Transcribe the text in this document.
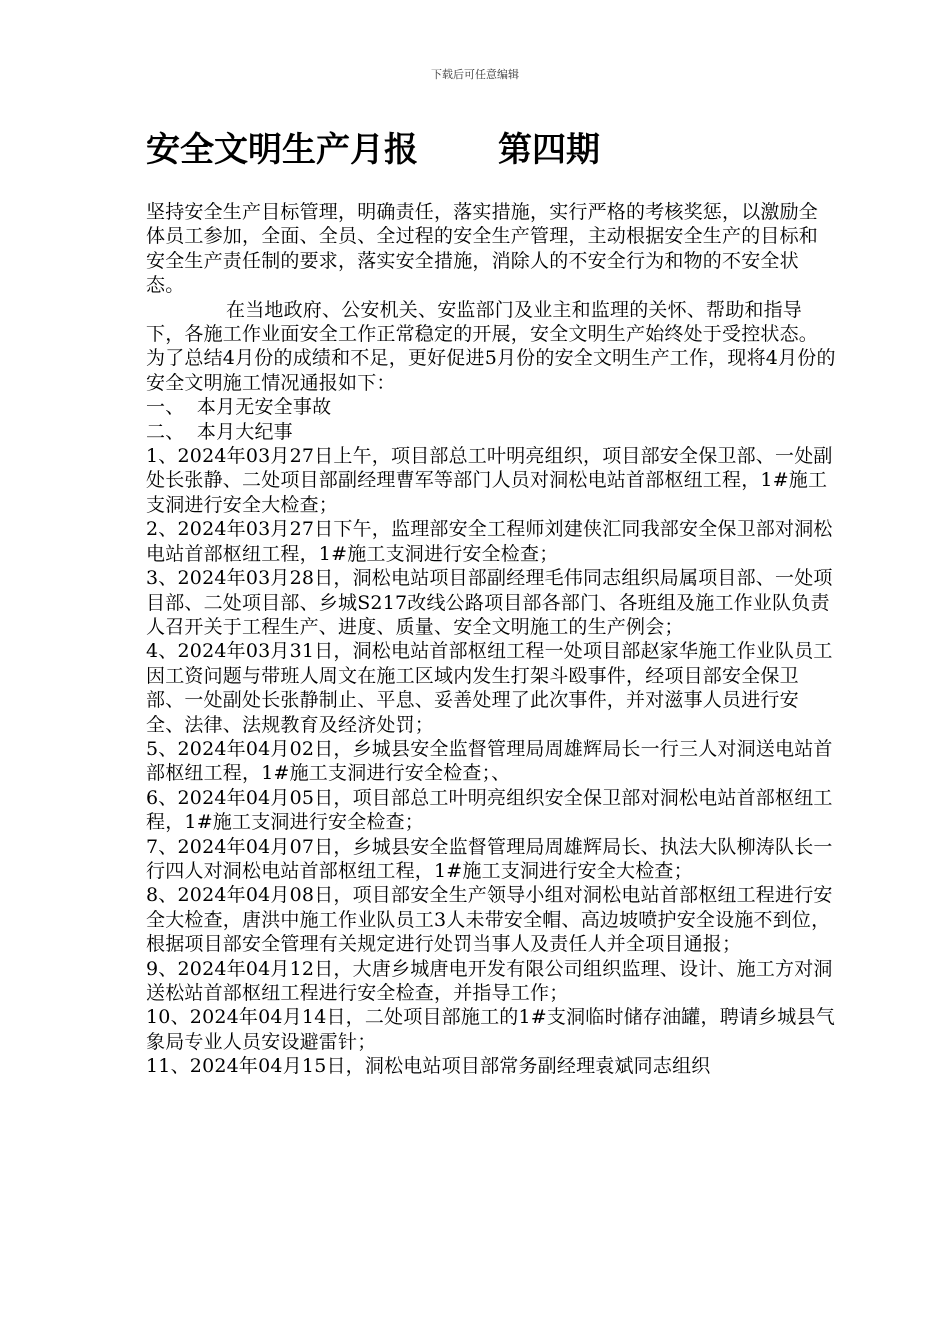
下载后可任意编辑
安全文明生产月报 第四期

坚持安全生产目标管理，明确责任，落实措施，实行严格的考核奖惩，以激励全体员工参加，全面、全员、全过程的安全生产管理，主动根据安全生产的目标和安全生产责任制的要求，落实安全措施，消除人的不安全行为和物的不安全状态。

在当地政府、公安机关、安监部门及业主和监理的关怀、帮助和指导下，各施工作业面安全工作正常稳定的开展，安全文明生产始终处于受控状态。为了总结4月份的成绩和不足，更好促进5月份的安全文明生产工作，现将4月份的安全文明施工情况通报如下：

一、  本月无安全事故

二、  本月大纪事

1、2024年03月27日上午，项目部总工叶明亮组织，项目部安全保卫部、一处副处长张静、二处项目部副经理曹军等部门人员对洞松电站首部枢纽工程，1#施工支洞进行安全大检查；

2、2024年03月27日下午，监理部安全工程师刘建侠汇同我部安全保卫部对洞松电站首部枢纽工程，1#施工支洞进行安全检查；

3、2024年03月28日，洞松电站项目部副经理毛伟同志组织局属项目部、一处项目部、二处项目部、乡城S217改线公路项目部各部门、各班组及施工作业队负责人召开关于工程生产、进度、质量、安全文明施工的生产例会；

4、2024年03月31日，洞松电站首部枢纽工程一处项目部赵家华施工作业队员工因工资问题与带班人周文在施工区域内发生打架斗殴事件，经项目部安全保卫部、一处副处长张静制止、平息、妥善处理了此次事件，并对滋事人员进行安全、法律、法规教育及经济处罚；

5、2024年04月02日，乡城县安全监督管理局周雄辉局长一行三人对洞送电站首部枢纽工程，1#施工支洞进行安全检查；、

6、2024年04月05日，项目部总工叶明亮组织安全保卫部对洞松电站首部枢纽工程，1#施工支洞进行安全检查；

7、2024年04月07日，乡城县安全监督管理局周雄辉局长、执法大队柳涛队长一行四人对洞松电站首部枢纽工程，1#施工支洞进行安全大检查；

8、2024年04月08日，项目部安全生产领导小组对洞松电站首部枢纽工程进行安全大检查，唐洪中施工作业队员工3人未带安全帽、高边坡喷护安全设施不到位，根据项目部安全管理有关规定进行处罚当事人及责任人并全项目通报；

9、2024年04月12日，大唐乡城唐电开发有限公司组织监理、设计、施工方对洞送松站首部枢纽工程进行安全检查，并指导工作；

10、2024年04月14日，二处项目部施工的1#支洞临时储存油罐，聘请乡城县气象局专业人员安设避雷针；

11、2024年04月15日，洞松电站项目部常务副经理袁斌同志组织
